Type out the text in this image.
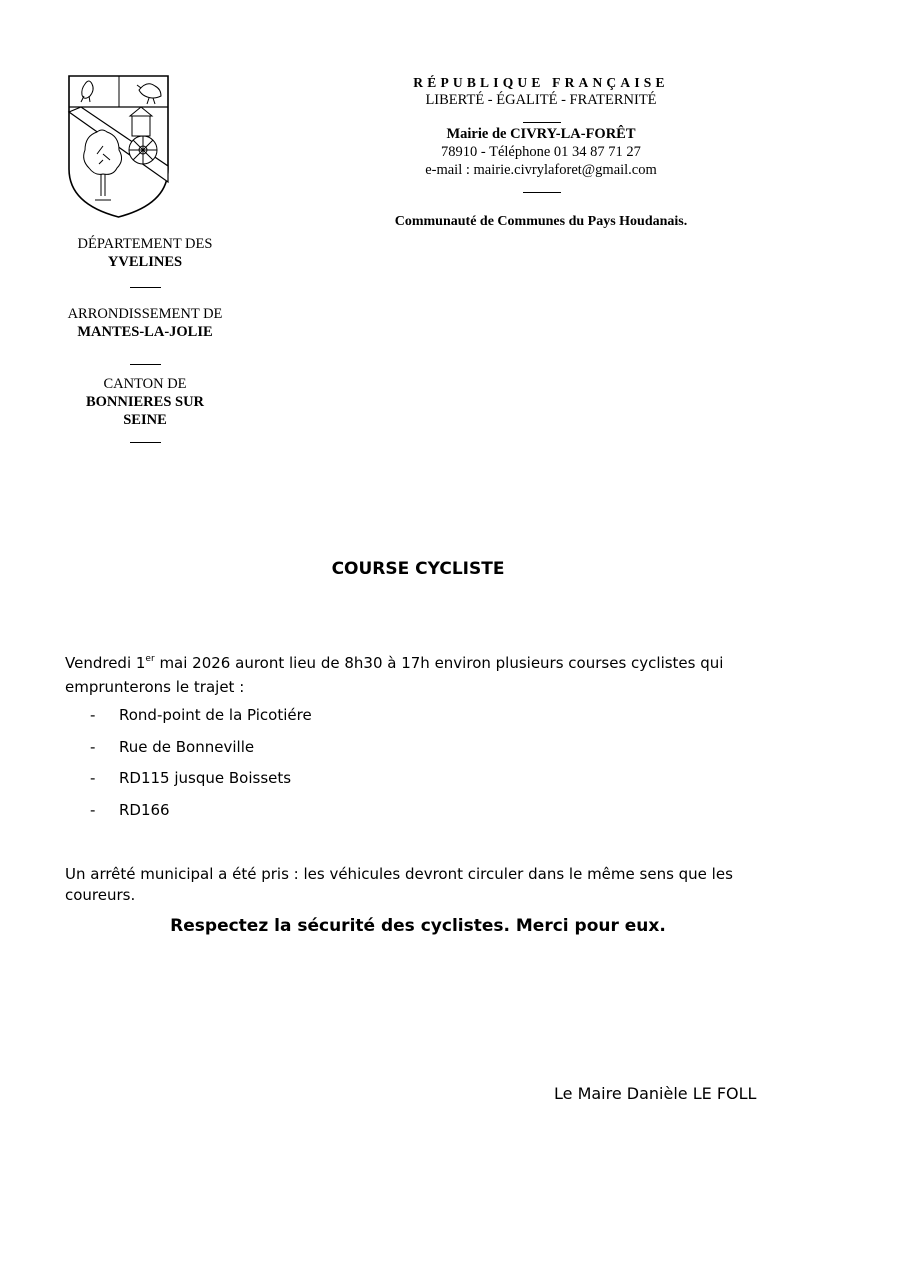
DÉPARTEMENT DES
YVELINES
ARRONDISSEMENT DE
MANTES-LA-JOLIE
CANTON DE
BONNIERES SUR
SEINE
RÉPUBLIQUE FRANÇAISE
LIBERTÉ - ÉGALITÉ - FRATERNITÉ
Mairie de CIVRY-LA-FORÊT
78910 - Téléphone 01 34 87 71 27
e-mail : mairie.civrylaforet@gmail.com
Communauté de Communes du Pays Houdanais.
COURSE CYCLISTE
Vendredi 1er mai 2026 auront lieu de 8h30 à 17h environ plusieurs courses cyclistes qui emprunterons le trajet :
- Rond-point de la Picotiére
- Rue de Bonneville
- RD115 jusque Boissets
- RD166
Un arrêté municipal a été pris : les véhicules devront circuler dans le même sens que les coureurs.
Respectez la sécurité des cyclistes. Merci pour eux.
Le Maire Danièle LE FOLL
